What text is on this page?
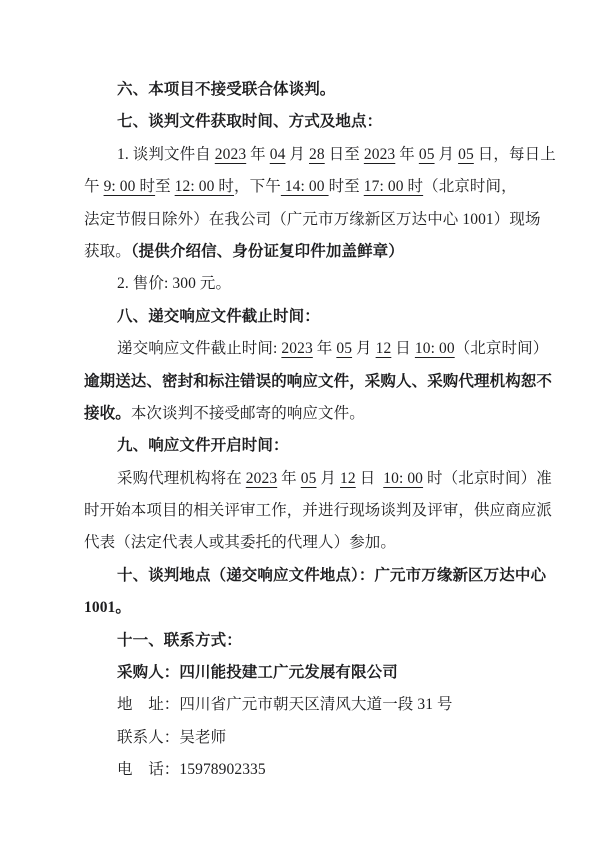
六、本项目不接受联合体谈判。
七、谈判文件获取时间、方式及地点：
1. 谈判文件自 2023 年 04 月 28 日至 2023 年 05 月 05 日，每日上
午 9: 00 时至 12: 00 时，下午 14: 00 时至 17: 00 时（北京时间，
法定节假日除外）在我公司（广元市万缘新区万达中心 1001）现场
获取。（提供介绍信、身份证复印件加盖鲜章）
2. 售价: 300 元。
八、递交响应文件截止时间：
递交响应文件截止时间: 2023 年 05 月 12 日 10: 00（北京时间）
逾期送达、密封和标注错误的响应文件，采购人、采购代理机构恕不
接收。本次谈判不接受邮寄的响应文件。
九、响应文件开启时间：
采购代理机构将在 2023 年 05 月 12 日  10: 00 时（北京时间）准
时开始本项目的相关评审工作，并进行现场谈判及评审，供应商应派
代表（法定代表人或其委托的代理人）参加。
十、谈判地点（递交响应文件地点）：广元市万缘新区万达中心
1001。
十一、联系方式：
采购人：四川能投建工广元发展有限公司
地　址：四川省广元市朝天区清风大道一段 31 号
联系人：吴老师
电　话：15978902335
